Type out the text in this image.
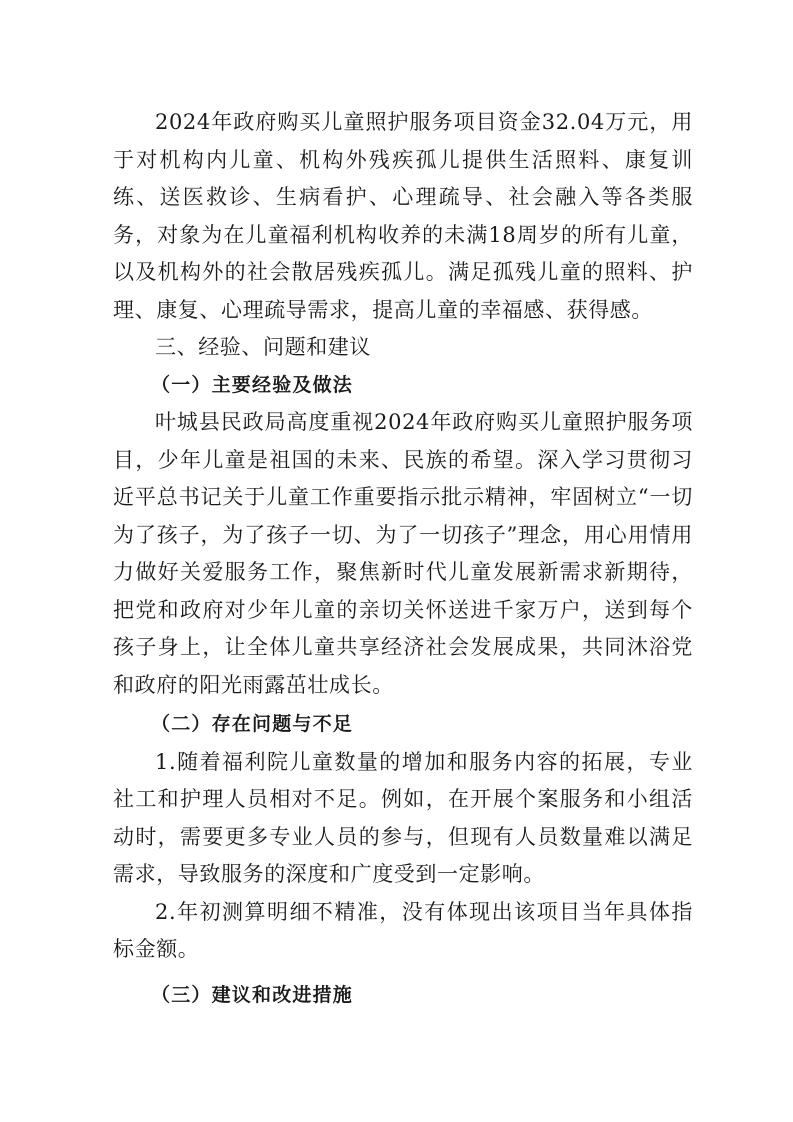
2024年政府购买儿童照护服务项目资金32.04万元，用于对机构内儿童、机构外残疾孤儿提供生活照料、康复训练、送医救诊、生病看护、心理疏导、社会融入等各类服务，对象为在儿童福利机构收养的未满18周岁的所有儿童，以及机构外的社会散居残疾孤儿。满足孤残儿童的照料、护理、康复、心理疏导需求，提高儿童的幸福感、获得感。

三、经验、问题和建议

（一）主要经验及做法

叶城县民政局高度重视2024年政府购买儿童照护服务项目，少年儿童是祖国的未来、民族的希望。深入学习贯彻习近平总书记关于儿童工作重要指示批示精神，牢固树立“一切为了孩子，为了孩子一切、为了一切孩子”理念，用心用情用力做好关爱服务工作，聚焦新时代儿童发展新需求新期待，把党和政府对少年儿童的亲切关怀送进千家万户，送到每个孩子身上，让全体儿童共享经济社会发展成果，共同沐浴党和政府的阳光雨露茁壮成长。

（二）存在问题与不足

1.随着福利院儿童数量的增加和服务内容的拓展，专业社工和护理人员相对不足。例如，在开展个案服务和小组活动时，需要更多专业人员的参与，但现有人员数量难以满足需求，导致服务的深度和广度受到一定影响。

2.年初测算明细不精准，没有体现出该项目当年具体指标金额。

（三）建议和改进措施
